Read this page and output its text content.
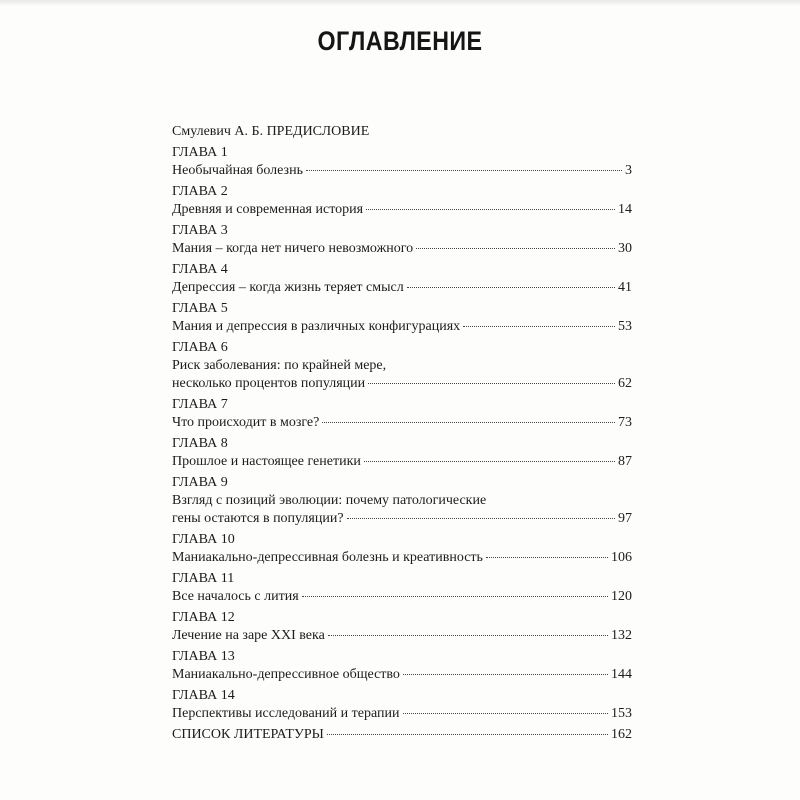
ОГЛАВЛЕНИЕ
Смулевич А. Б. ПРЕДИСЛОВИЕ
ГЛАВА 1
Необычайная болезнь	3
ГЛАВА 2
Древняя и современная история	14
ГЛАВА 3
Мания – когда нет ничего невозможного	30
ГЛАВА 4
Депрессия – когда жизнь теряет смысл	41
ГЛАВА 5
Мания и депрессия в различных конфигурациях	53
ГЛАВА 6
Риск заболевания: по крайней мере,
несколько процентов популяции	62
ГЛАВА 7
Что происходит в мозге?	73
ГЛАВА 8
Прошлое и настоящее генетики	87
ГЛАВА 9
Взгляд с позиций эволюции: почему патологические
гены остаются в популяции?	97
ГЛАВА 10
Маниакально-депрессивная болезнь и креативность	106
ГЛАВА 11
Все началось с лития	120
ГЛАВА 12
Лечение на заре XXI века	132
ГЛАВА 13
Маниакально-депрессивное общество	144
ГЛАВА 14
Перспективы исследований и терапии	153
СПИСОК ЛИТЕРАТУРЫ	162
